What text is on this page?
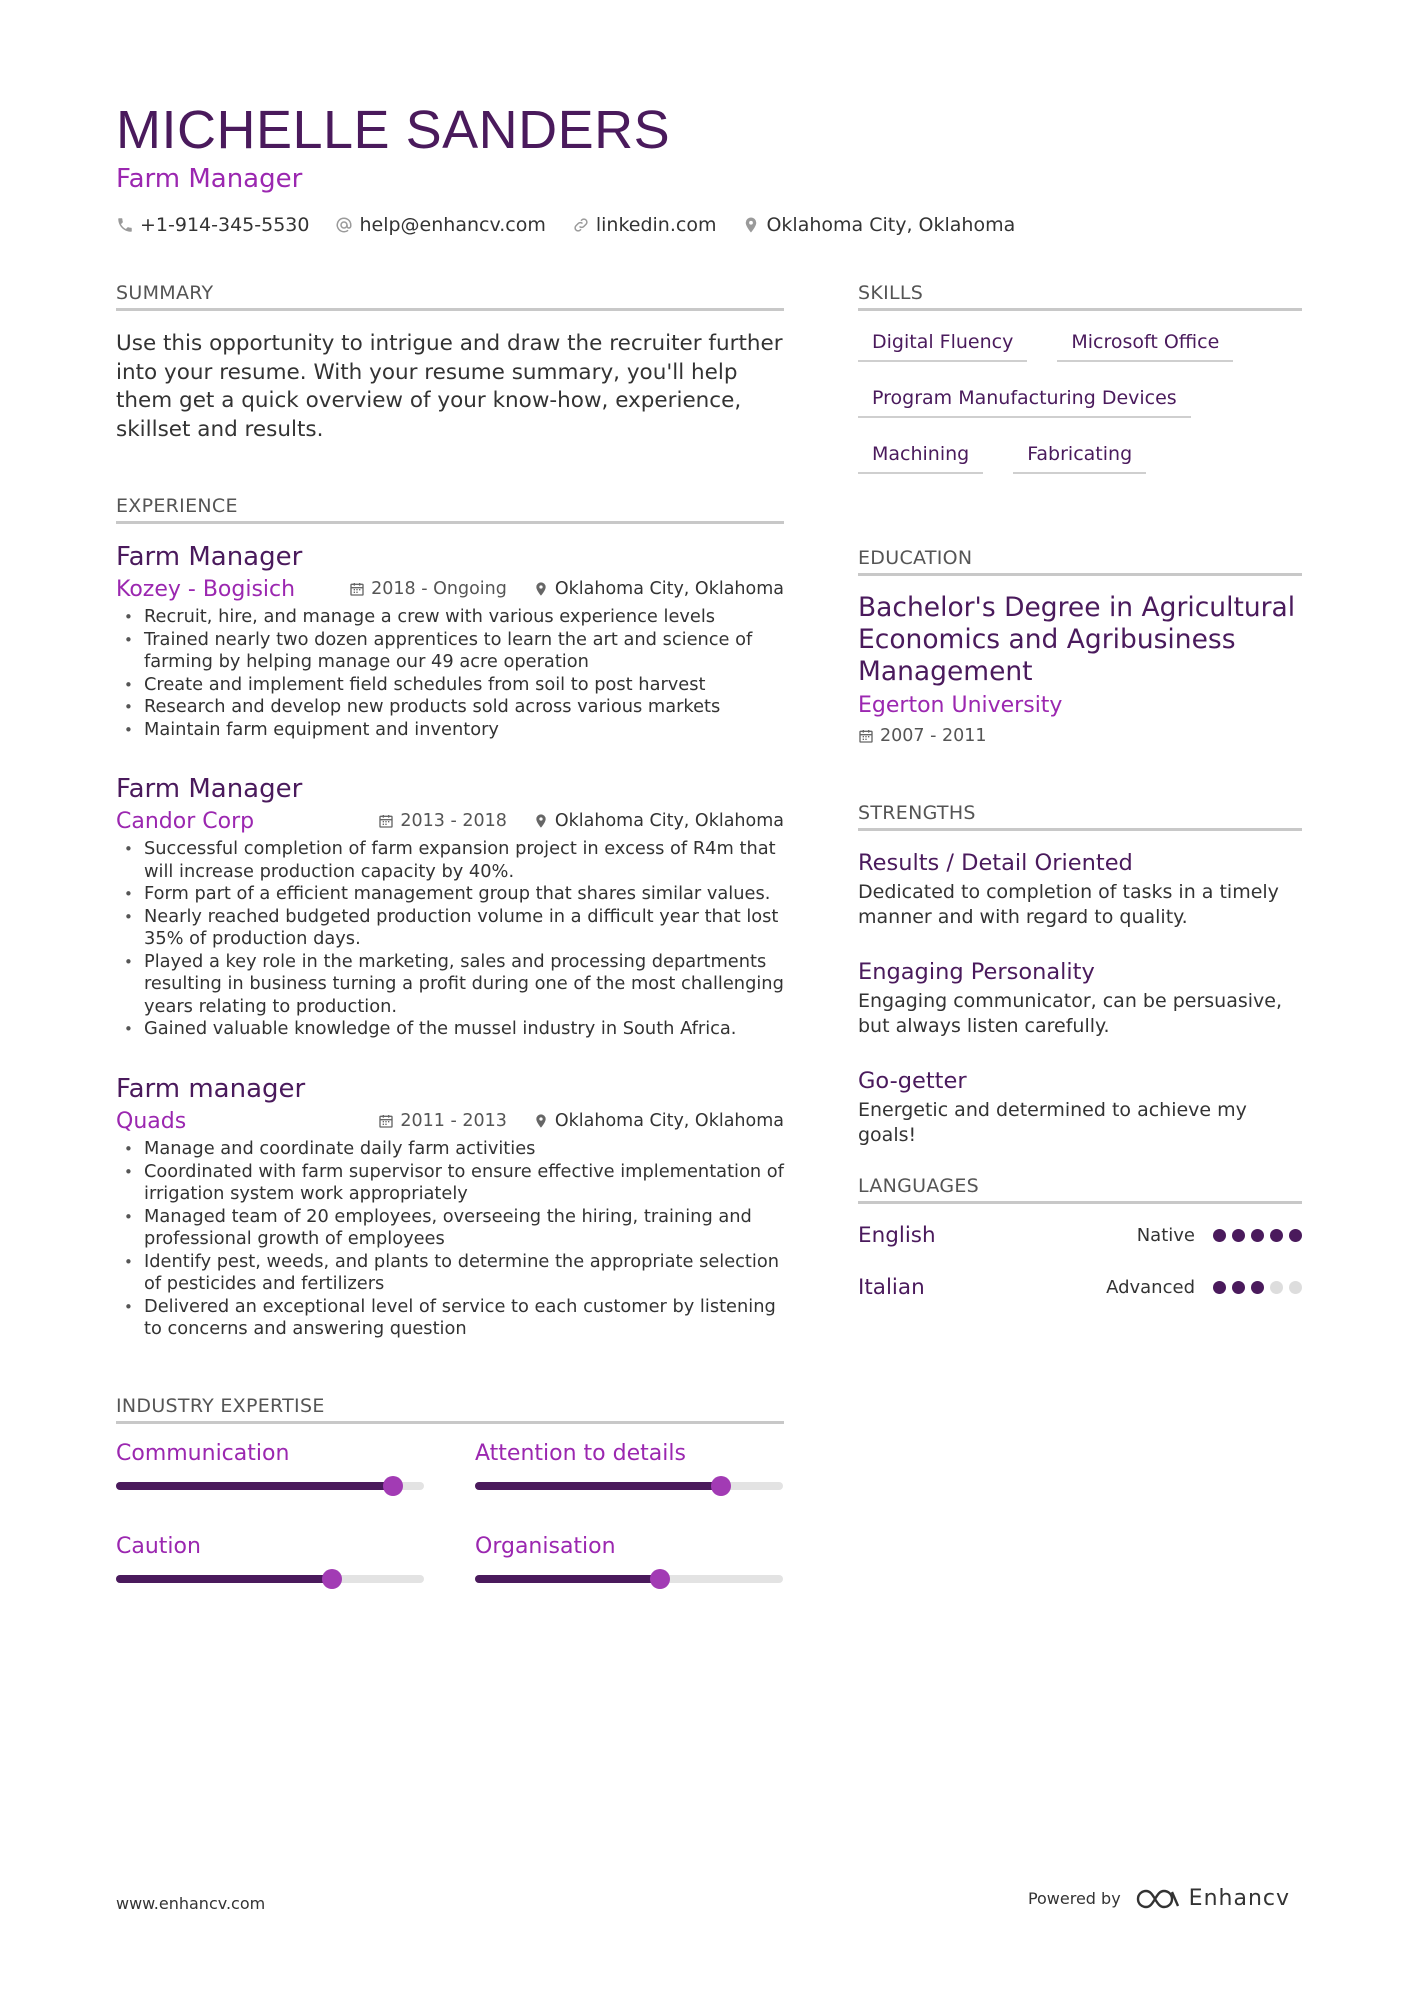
MICHELLE SANDERS
Farm Manager
+1-914-345-5530	help@enhancv.com	linkedin.com	Oklahoma City, Oklahoma
SUMMARY
Use this opportunity to intrigue and draw the recruiter further into your resume. With your resume summary, you'll help them get a quick overview of your know-how, experience, skillset and results.
EXPERIENCE
Farm Manager
Kozey - Bogisich	2018 - Ongoing	Oklahoma City, Oklahoma
• Recruit, hire, and manage a crew with various experience levels
• Trained nearly two dozen apprentices to learn the art and science of farming by helping manage our 49 acre operation
• Create and implement field schedules from soil to post harvest
• Research and develop new products sold across various markets
• Maintain farm equipment and inventory
Farm Manager
Candor Corp	2013 - 2018	Oklahoma City, Oklahoma
• Successful completion of farm expansion project in excess of R4m that will increase production capacity by 40%.
• Form part of a efficient management group that shares similar values.
• Nearly reached budgeted production volume in a difficult year that lost 35% of production days.
• Played a key role in the marketing, sales and processing departments resulting in business turning a profit during one of the most challenging years relating to production.
• Gained valuable knowledge of the mussel industry in South Africa.
Farm manager
Quads	2011 - 2013	Oklahoma City, Oklahoma
• Manage and coordinate daily farm activities
• Coordinated with farm supervisor to ensure effective implementation of irrigation system work appropriately
• Managed team of 20 employees, overseeing the hiring, training and professional growth of employees
• Identify pest, weeds, and plants to determine the appropriate selection of pesticides and fertilizers
• Delivered an exceptional level of service to each customer by listening to concerns and answering question
INDUSTRY EXPERTISE
Communication	Attention to details
Caution	Organisation
SKILLS
Digital Fluency	Microsoft Office
Program Manufacturing Devices
Machining	Fabricating
EDUCATION
Bachelor's Degree in Agricultural Economics and Agribusiness Management
Egerton University
2007 - 2011
STRENGTHS
Results / Detail Oriented
Dedicated to completion of tasks in a timely manner and with regard to quality.
Engaging Personality
Engaging communicator, can be persuasive, but always listen carefully.
Go-getter
Energetic and determined to achieve my goals!
LANGUAGES
English	Native
Italian	Advanced
www.enhancv.com	Powered by	Enhancv
